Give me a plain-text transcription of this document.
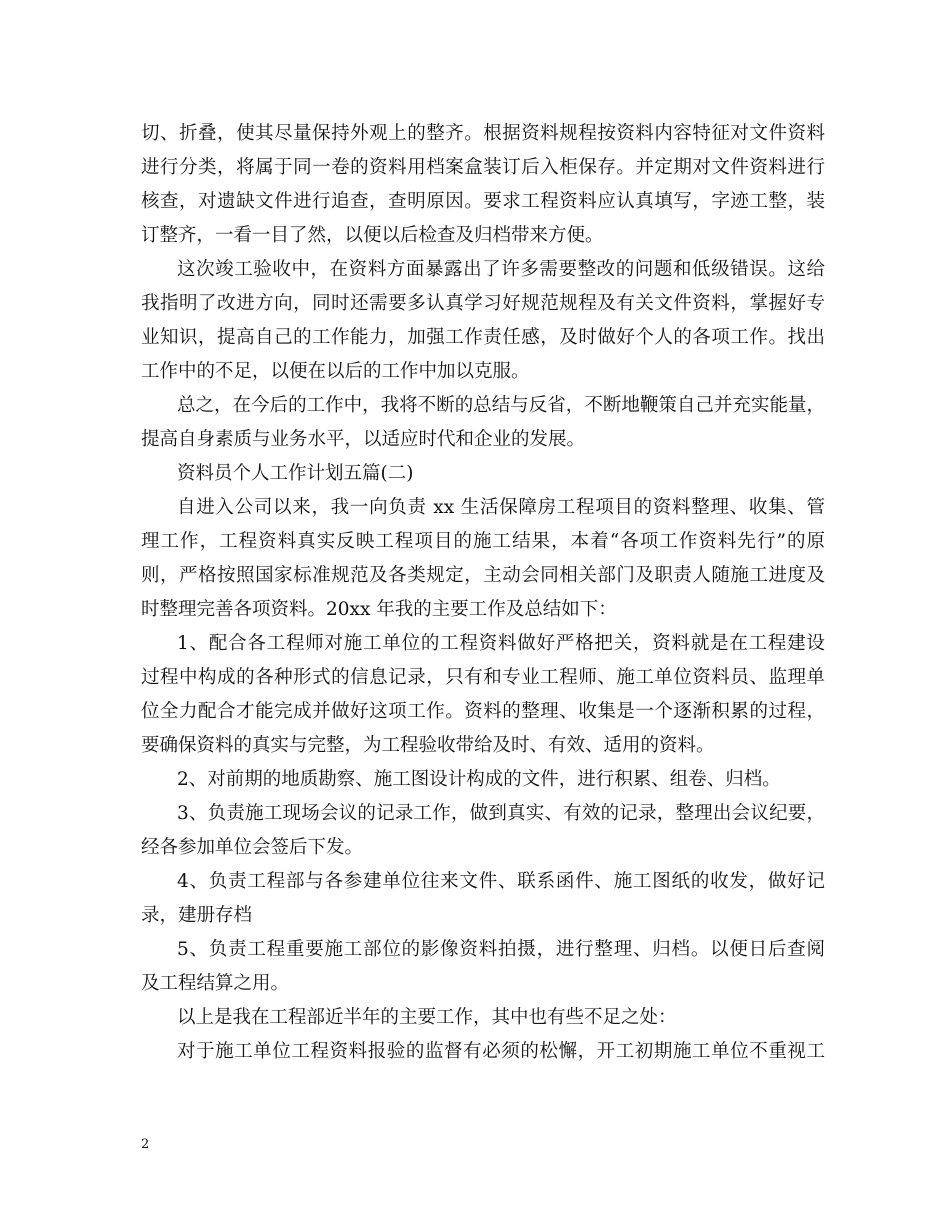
切、折叠，使其尽量保持外观上的整齐。根据资料规程按资料内容特征对文件资料
进行分类，将属于同一卷的资料用档案盒装订后入柜保存。并定期对文件资料进行
核查，对遗缺文件进行追查，查明原因。要求工程资料应认真填写，字迹工整，装
订整齐，一看一目了然，以便以后检查及归档带来方便。
这次竣工验收中，在资料方面暴露出了许多需要整改的问题和低级错误。这给
我指明了改进方向，同时还需要多认真学习好规范规程及有关文件资料，掌握好专
业知识，提高自己的工作能力，加强工作责任感，及时做好个人的各项工作。找出
工作中的不足，以便在以后的工作中加以克服。
总之，在今后的工作中，我将不断的总结与反省，不断地鞭策自己并充实能量，
提高自身素质与业务水平，以适应时代和企业的发展。
资料员个人工作计划五篇(二)
自进入公司以来，我一向负责 xx 生活保障房工程项目的资料整理、收集、管
理工作，工程资料真实反映工程项目的施工结果，本着“各项工作资料先行”的原
则，严格按照国家标准规范及各类规定，主动会同相关部门及职责人随施工进度及
时整理完善各项资料。20xx 年我的主要工作及总结如下：
1、配合各工程师对施工单位的工程资料做好严格把关，资料就是在工程建设
过程中构成的各种形式的信息记录，只有和专业工程师、施工单位资料员、监理单
位全力配合才能完成并做好这项工作。资料的整理、收集是一个逐渐积累的过程，
要确保资料的真实与完整，为工程验收带给及时、有效、适用的资料。
2、对前期的地质勘察、施工图设计构成的文件，进行积累、组卷、归档。
3、负责施工现场会议的记录工作，做到真实、有效的记录，整理出会议纪要，
经各参加单位会签后下发。
4、负责工程部与各参建单位往来文件、联系函件、施工图纸的收发，做好记
录，建册存档
5、负责工程重要施工部位的影像资料拍摄，进行整理、归档。以便日后查阅
及工程结算之用。
以上是我在工程部近半年的主要工作，其中也有些不足之处：
对于施工单位工程资料报验的监督有必须的松懈，开工初期施工单位不重视工
2
